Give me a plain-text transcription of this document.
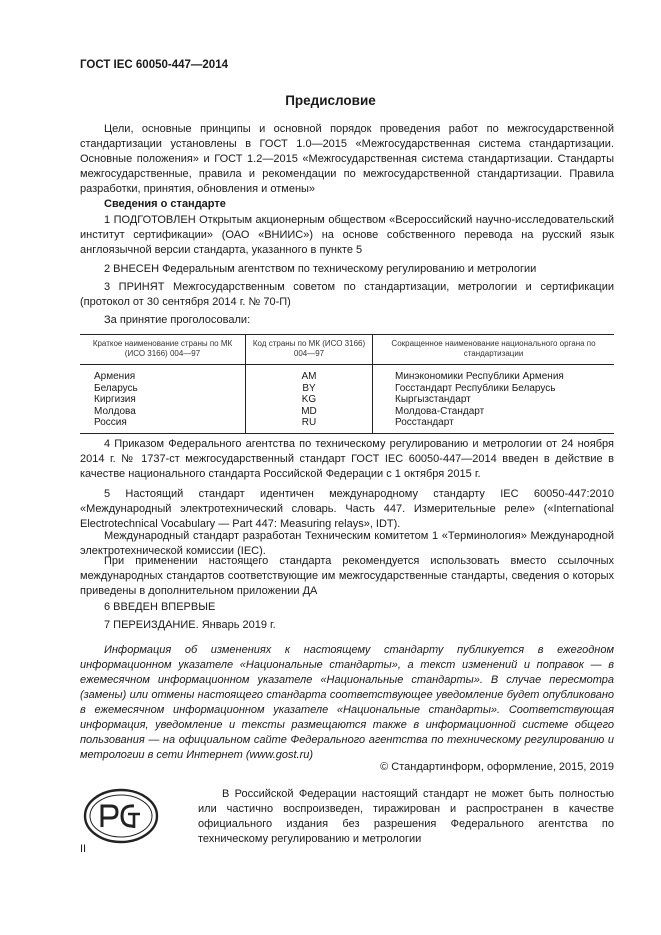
ГОСТ IEC 60050-447—2014
Предисловие
Цели, основные принципы и основной порядок проведения работ по межгосударственной стандартизации установлены в ГОСТ 1.0—2015 «Межгосударственная система стандартизации. Основные положения» и ГОСТ 1.2—2015 «Межгосударственная система стандартизации. Стандарты межгосударственные, правила и рекомендации по межгосударственной стандартизации. Правила разработки, принятия, обновления и отмены»
Сведения о стандарте
1 ПОДГОТОВЛЕН Открытым акционерным обществом «Всероссийский научно-исследовательский институт сертификации» (ОАО «ВНИИС») на основе собственного перевода на русский язык англоязычной версии стандарта, указанного в пункте 5
2 ВНЕСЕН Федеральным агентством по техническому регулированию и метрологии
3 ПРИНЯТ Межгосударственным советом по стандартизации, метрологии и сертификации (протокол от 30 сентября 2014 г. № 70-П)
За принятие проголосовали:
Краткое наименование страны по МК (ИСО 3166) 004—97	Код страны по МК (ИСО 3166) 004—97	Сокращенное наименование национального органа по стандартизации
Армения	AM	Минэкономики Республики Армения
Беларусь	BY	Госстандарт Республики Беларусь
Киргизия	KG	Кыргызстандарт
Молдова	MD	Молдова-Стандарт
Россия	RU	Росстандарт
4 Приказом Федерального агентства по техническому регулированию и метрологии от 24 ноября 2014 г. № 1737-ст межгосударственный стандарт ГОСТ IEC 60050-447—2014 введен в действие в качестве национального стандарта Российской Федерации с 1 октября 2015 г.
5 Настоящий стандарт идентичен международному стандарту IEC 60050-447:2010 «Международный электротехнический словарь. Часть 447. Измерительные реле» («International Electrotechnical Vocabulary — Part 447: Measuring relays», IDT).
Международный стандарт разработан Техническим комитетом 1 «Терминология» Международной электротехнической комиссии (IEC).
При применении настоящего стандарта рекомендуется использовать вместо ссылочных международных стандартов соответствующие им межгосударственные стандарты, сведения о которых приведены в дополнительном приложении ДА
6 ВВЕДЕН ВПЕРВЫЕ
7 ПЕРЕИЗДАНИЕ. Январь 2019 г.
Информация об изменениях к настоящему стандарту публикуется в ежегодном информационном указателе «Национальные стандарты», а текст изменений и поправок — в ежемесячном информационном указателе «Национальные стандарты». В случае пересмотра (замены) или отмены настоящего стандарта соответствующее уведомление будет опубликовано в ежемесячном информационном указателе «Национальные стандарты». Соответствующая информация, уведомление и тексты размещаются также в информационной системе общего пользования — на официальном сайте Федерального агентства по техническому регулированию и метрологии в сети Интернет (www.gost.ru)
© Стандартинформ, оформление, 2015, 2019
В Российской Федерации настоящий стандарт не может быть полностью или частично воспроизведен, тиражирован и распространен в качестве официального издания без разрешения Федерального агентства по техническому регулированию и метрологии
II
